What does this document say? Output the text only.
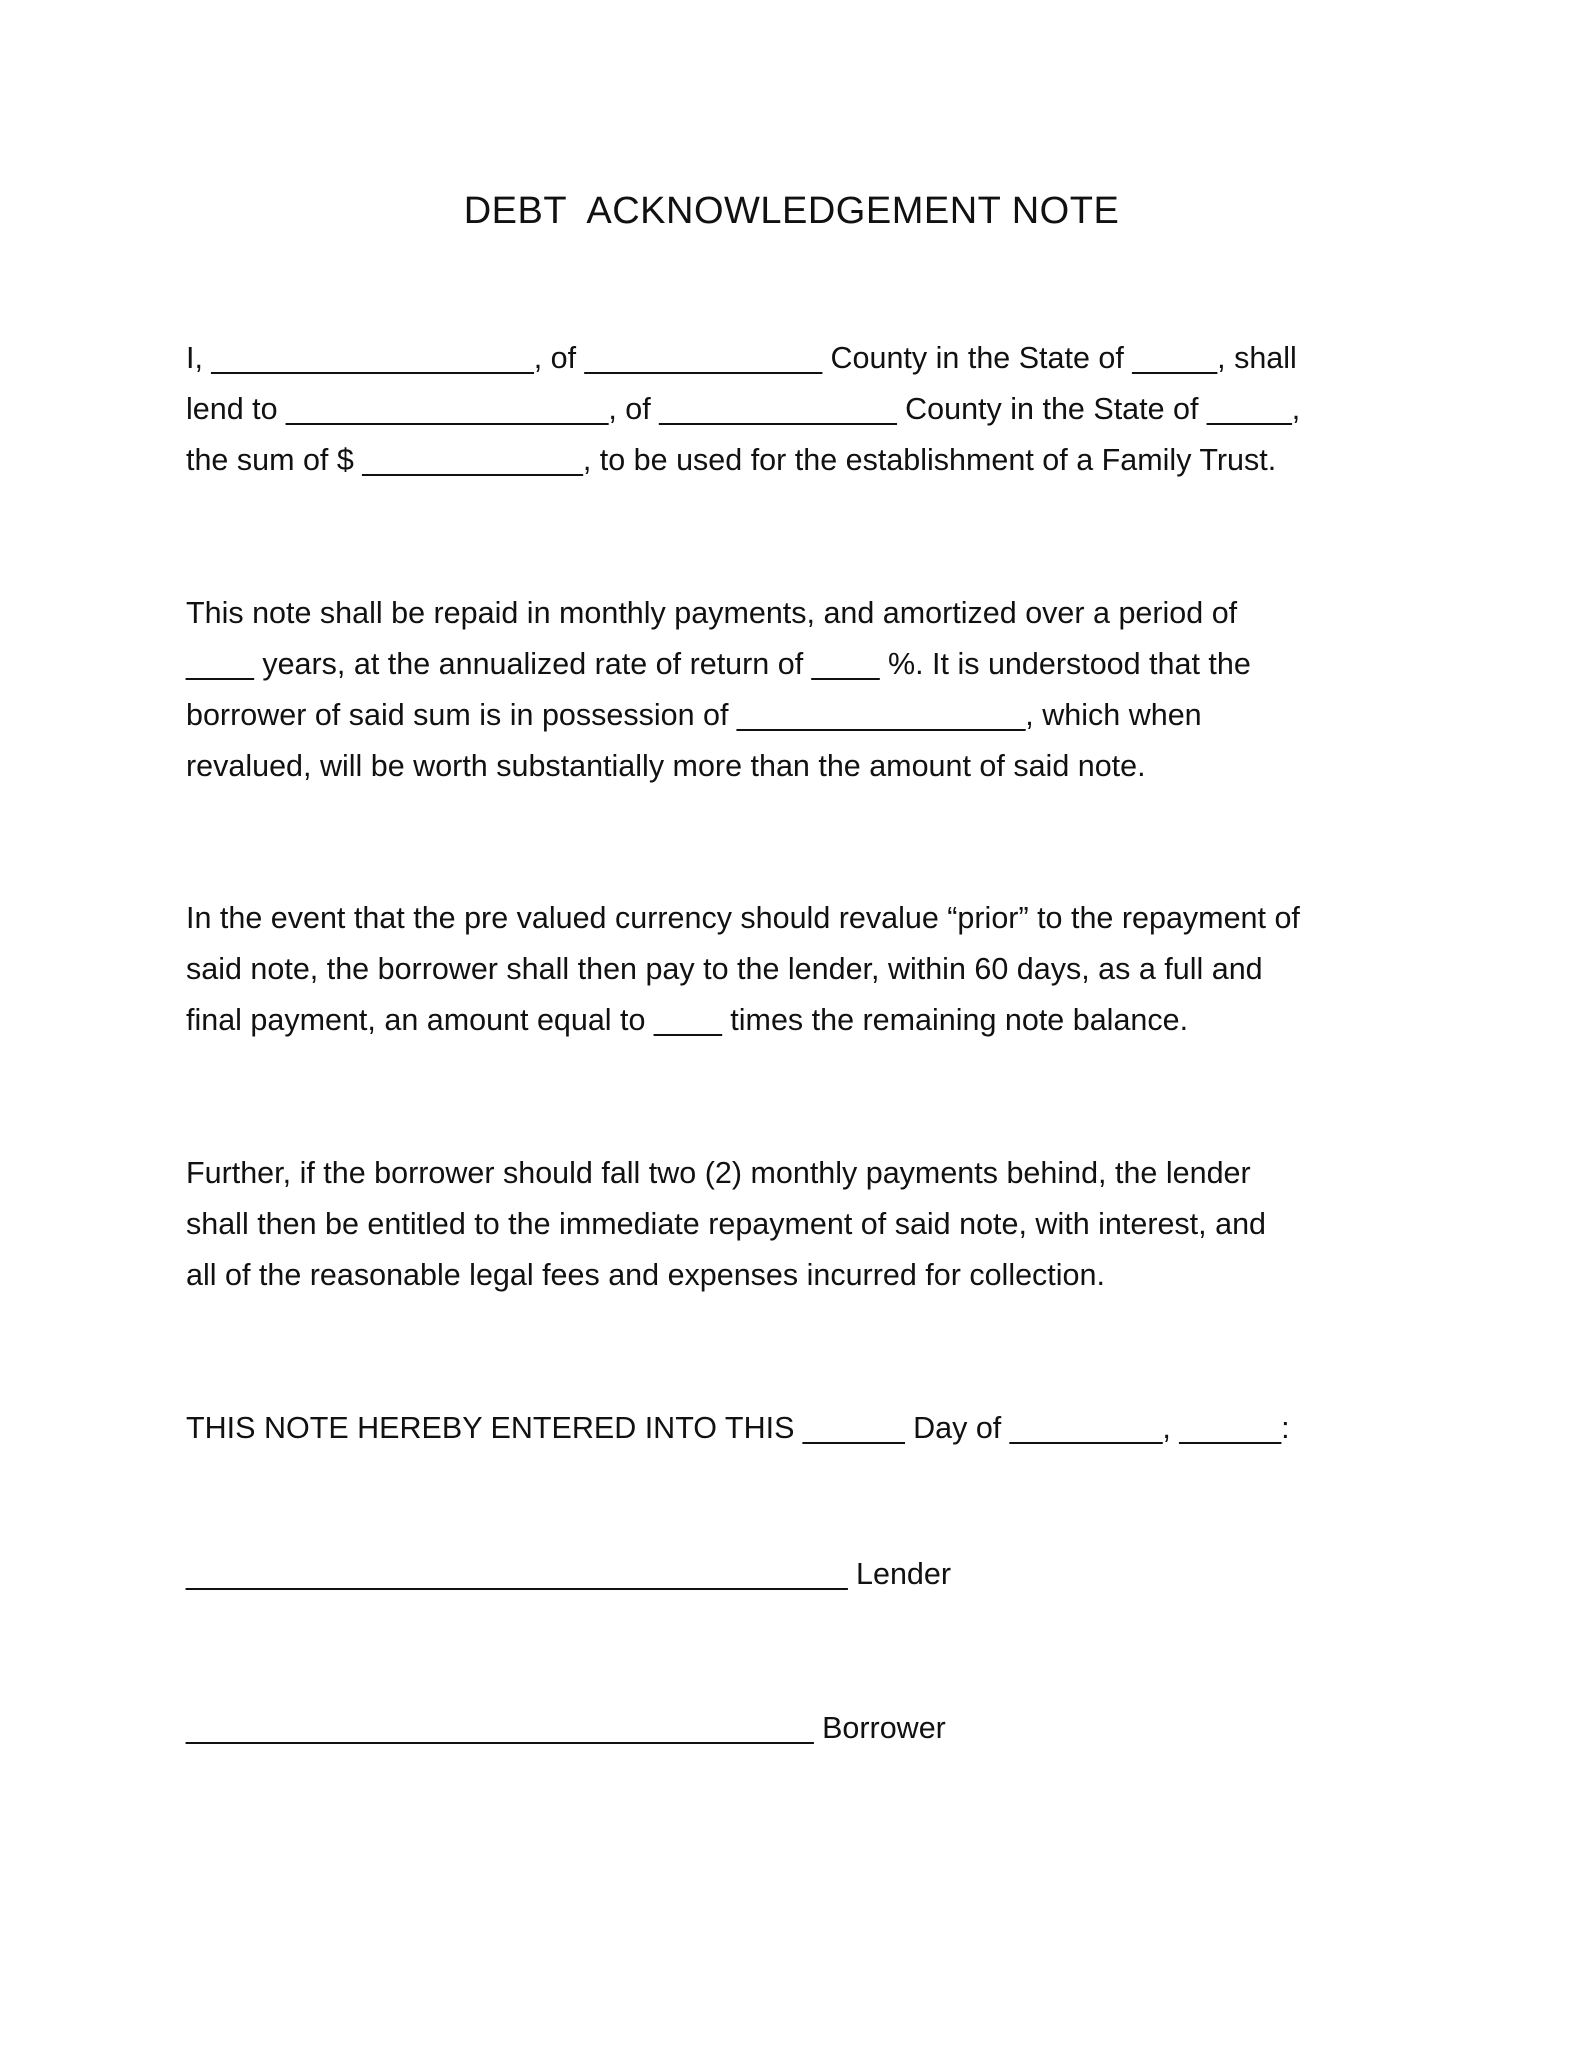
DEBT  ACKNOWLEDGEMENT NOTE
I, ___________________, of ______________ County in the State of _____, shall
lend to ___________________, of ______________ County in the State of _____,
the sum of $ _____________, to be used for the establishment of a Family Trust.
This note shall be repaid in monthly payments, and amortized over a period of
____ years, at the annualized rate of return of ____ %. It is understood that the
borrower of said sum is in possession of _________________, which when
revalued, will be worth substantially more than the amount of said note.
In the event that the pre valued currency should revalue “prior” to the repayment of
said note, the borrower shall then pay to the lender, within 60 days, as a full and
final payment, an amount equal to ____ times the remaining note balance.
Further, if the borrower should fall two (2) monthly payments behind, the lender
shall then be entitled to the immediate repayment of said note, with interest, and
all of the reasonable legal fees and expenses incurred for collection.
THIS NOTE HEREBY ENTERED INTO THIS ______ Day of _________, ______:
_______________________________________ Lender
_____________________________________ Borrower
